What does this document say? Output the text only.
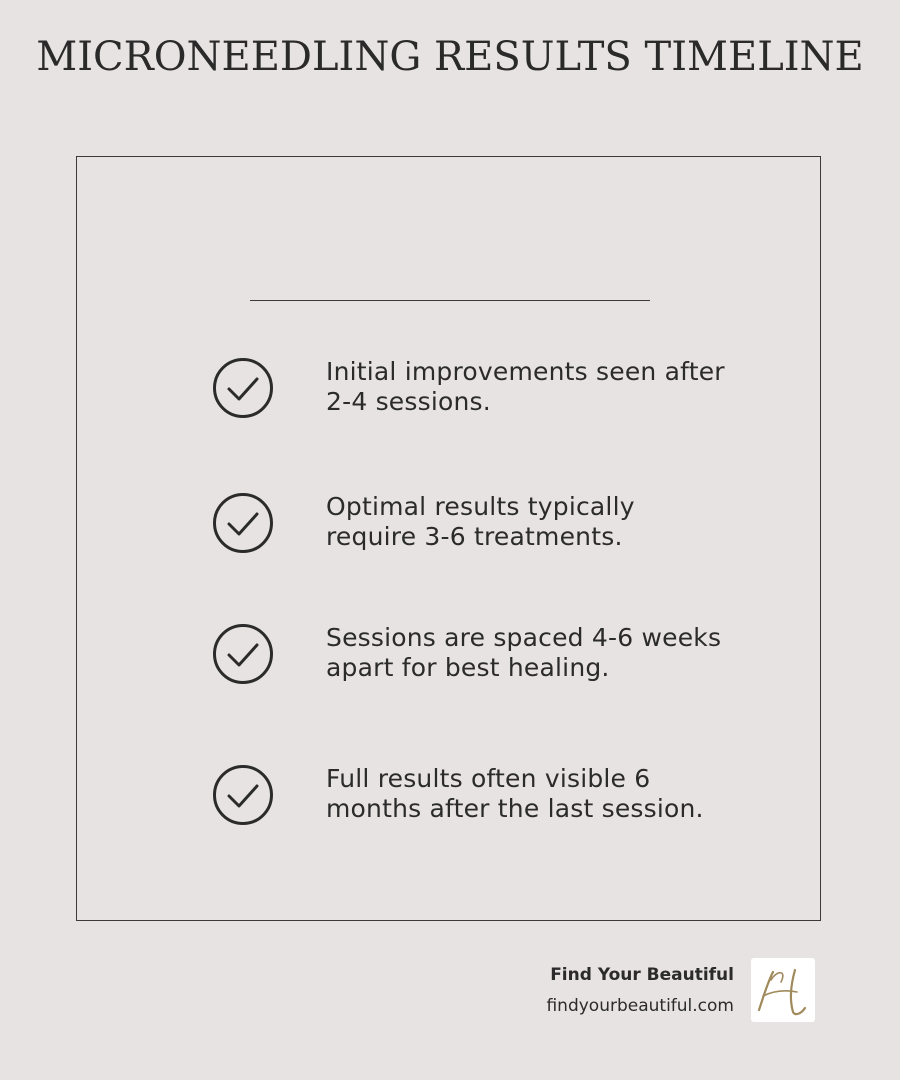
MICRONEEDLING RESULTS TIMELINE
Initial improvements seen after 2-4 sessions.
Optimal results typically require 3-6 treatments.
Sessions are spaced 4-6 weeks apart for best healing.
Full results often visible 6 months after the last session.
Find Your Beautiful
findyourbeautiful.com
